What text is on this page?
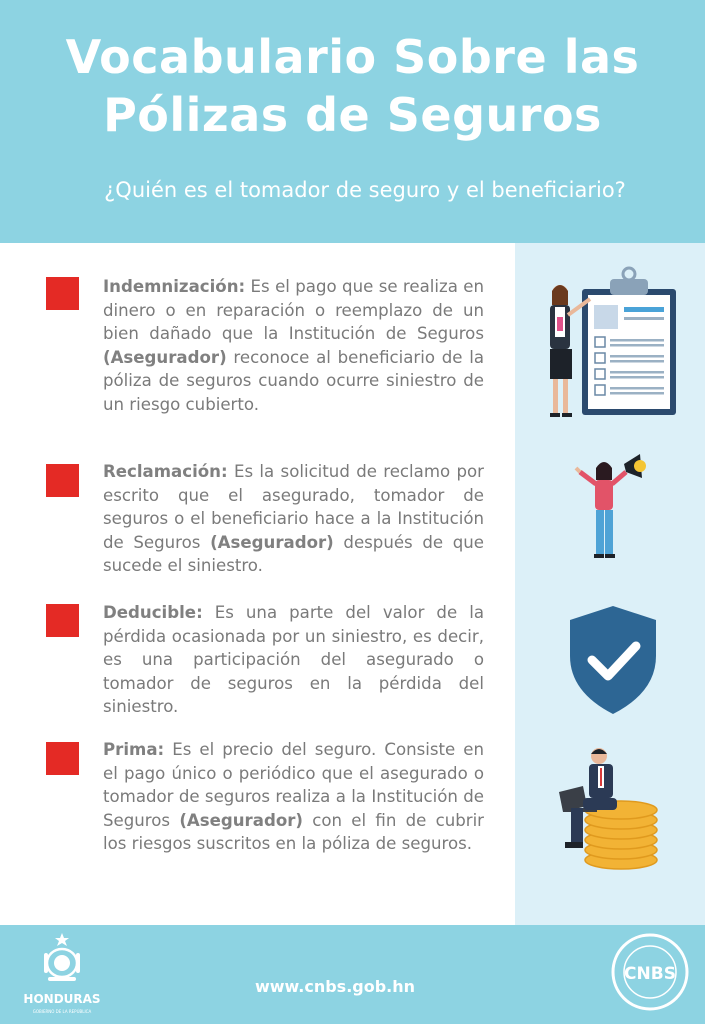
Vocabulario Sobre las
Pólizas de Seguros
¿Quién es el tomador de seguro y el beneficiario?
Indemnización: Es el pago que se realiza en dinero o en reparación o reemplazo de un bien dañado que la Institución de Seguros (Asegurador) reconoce al beneficiario de la póliza de seguros cuando ocurre siniestro de un riesgo cubierto.
Reclamación: Es la solicitud de reclamo por escrito que el asegurado, tomador de seguros o el beneficiario hace a la Institución de Seguros (Asegurador) después de que sucede el siniestro.
Deducible: Es una parte del valor de la pérdida ocasionada por un siniestro, es decir, es una participación del asegurado o tomador de seguros en la pérdida del siniestro.
Prima: Es el precio del seguro. Consiste en el pago único o periódico que el asegurado o tomador de seguros realiza a la Institución de Seguros (Asegurador) con el fin de cubrir los riesgos suscritos en la póliza de seguros.
HONDURAS
GOBIERNO DE LA REPÚBLICA
www.cnbs.gob.hn
CNBS
